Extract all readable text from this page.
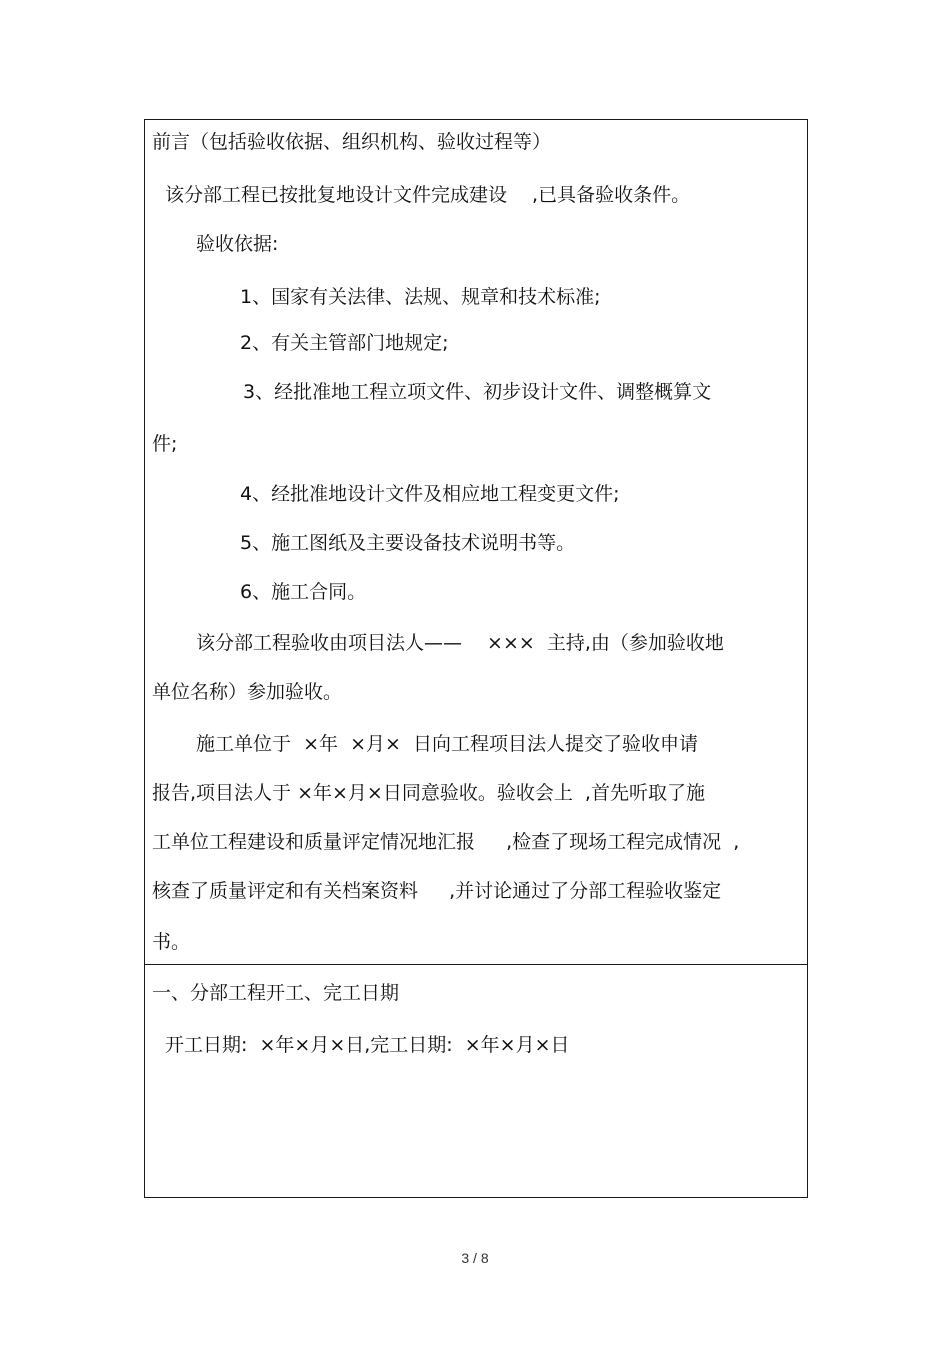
前言（包括验收依据、组织机构、验收过程等）
该分部工程已按批复地设计文件完成建设　 ,已具备验收条件。
验收依据:
1、国家有关法律、法规、规章和技术标准;
2、有关主管部门地规定;
3、经批准地工程立项文件、初步设计文件、调整概算文
件;
4、经批准地设计文件及相应地工程变更文件;
5、施工图纸及主要设备技术说明书等。
6、施工合同。
该分部工程验收由项目法人——　 ×××  主持,由（参加验收地
单位名称）参加验收。
施工单位于  ×年  ×月×  日向工程项目法人提交了验收申请
报告,项目法人于 ×年×月×日同意验收。验收会上  ,首先听取了施
工单位工程建设和质量评定情况地汇报　  ,检查了现场工程完成情况  ,
核查了质量评定和有关档案资料　  ,并讨论通过了分部工程验收鉴定
书。
一、分部工程开工、完工日期
开工日期:  ×年×月×日,完工日期:  ×年×月×日
3 / 8
